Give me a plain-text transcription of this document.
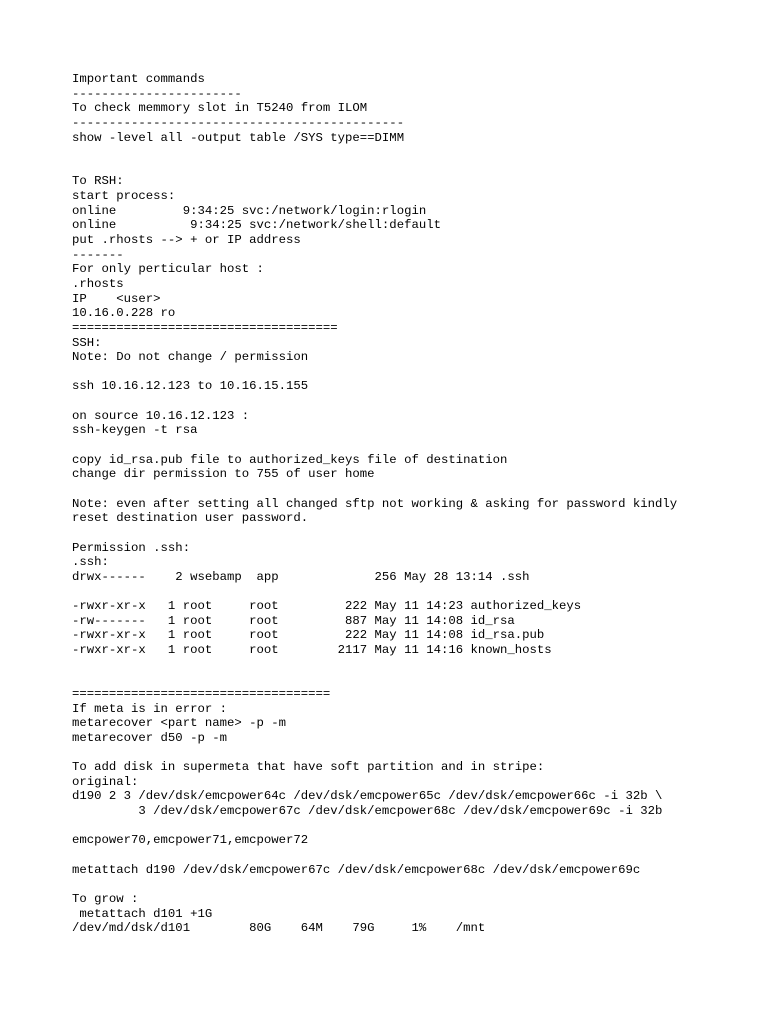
Important commands
-----------------------
To check memmory slot in T5240 from ILOM
---------------------------------------------
show -level all -output table /SYS type==DIMM
To RSH:
start process:
online         9:34:25 svc:/network/login:rlogin
online          9:34:25 svc:/network/shell:default
put .rhosts --> + or IP address
-------
For only perticular host :
.rhosts
IP    <user>
10.16.0.228 ro
====================================
SSH:
Note: Do not change / permission
ssh 10.16.12.123 to 10.16.15.155
on source 10.16.12.123 :
ssh-keygen -t rsa
copy id_rsa.pub file to authorized_keys file of destination
change dir permission to 755 of user home
Note: even after setting all changed sftp not working & asking for password kindly
reset destination user password.
Permission .ssh:
.ssh:
drwx------    2 wsebamp  app             256 May 28 13:14 .ssh
-rwxr-xr-x   1 root     root         222 May 11 14:23 authorized_keys
-rw-------   1 root     root         887 May 11 14:08 id_rsa
-rwxr-xr-x   1 root     root         222 May 11 14:08 id_rsa.pub
-rwxr-xr-x   1 root     root        2117 May 11 14:16 known_hosts
===================================
If meta is in error :
metarecover <part name> -p -m
metarecover d50 -p -m
To add disk in supermeta that have soft partition and in stripe:
original:
d190 2 3 /dev/dsk/emcpower64c /dev/dsk/emcpower65c /dev/dsk/emcpower66c -i 32b \
3 /dev/dsk/emcpower67c /dev/dsk/emcpower68c /dev/dsk/emcpower69c -i 32b
emcpower70,emcpower71,emcpower72
metattach d190 /dev/dsk/emcpower67c /dev/dsk/emcpower68c /dev/dsk/emcpower69c
To grow :
metattach d101 +1G
/dev/md/dsk/d101        80G    64M    79G     1%    /mnt
